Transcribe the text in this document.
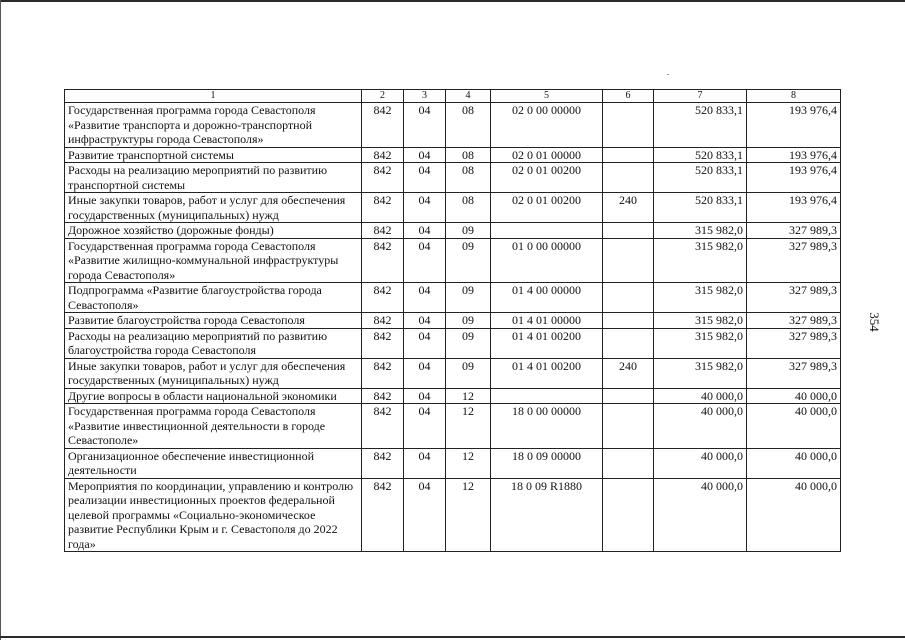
354
1	2	3	4	5	6	7	8
Государственная программа города Севастополя «Развитие транспорта и дорожно-транспортной инфраструктуры города Севастополя»	842	04	08	02 0 00 00000		520 833,1	193 976,4
Развитие транспортной системы	842	04	08	02 0 01 00000		520 833,1	193 976,4
Расходы на реализацию мероприятий по развитию транспортной системы	842	04	08	02 0 01 00200		520 833,1	193 976,4
Иные закупки товаров, работ и услуг для обеспечения государственных (муниципальных) нужд	842	04	08	02 0 01 00200	240	520 833,1	193 976,4
Дорожное хозяйство (дорожные фонды)	842	04	09			315 982,0	327 989,3
Государственная программа города Севастополя «Развитие жилищно-коммунальной инфраструктуры города Севастополя»	842	04	09	01 0 00 00000		315 982,0	327 989,3
Подпрограмма «Развитие благоустройства города Севастополя»	842	04	09	01 4 00 00000		315 982,0	327 989,3
Развитие благоустройства города Севастополя	842	04	09	01 4 01 00000		315 982,0	327 989,3
Расходы на реализацию мероприятий по развитию благоустройства города Севастополя	842	04	09	01 4 01 00200		315 982,0	327 989,3
Иные закупки товаров, работ и услуг для обеспечения государственных (муниципальных) нужд	842	04	09	01 4 01 00200	240	315 982,0	327 989,3
Другие вопросы в области национальной экономики	842	04	12			40 000,0	40 000,0
Государственная программа города Севастополя «Развитие инвестиционной деятельности в городе Севастополе»	842	04	12	18 0 00 00000		40 000,0	40 000,0
Организационное обеспечение инвестиционной деятельности	842	04	12	18 0 09 00000		40 000,0	40 000,0
Мероприятия по координации, управлению и контролю реализации инвестиционных проектов федеральной целевой программы «Социально-экономическое развитие Республики Крым и г. Севастополя до 2022 года»	842	04	12	18 0 09 R1880		40 000,0	40 000,0
